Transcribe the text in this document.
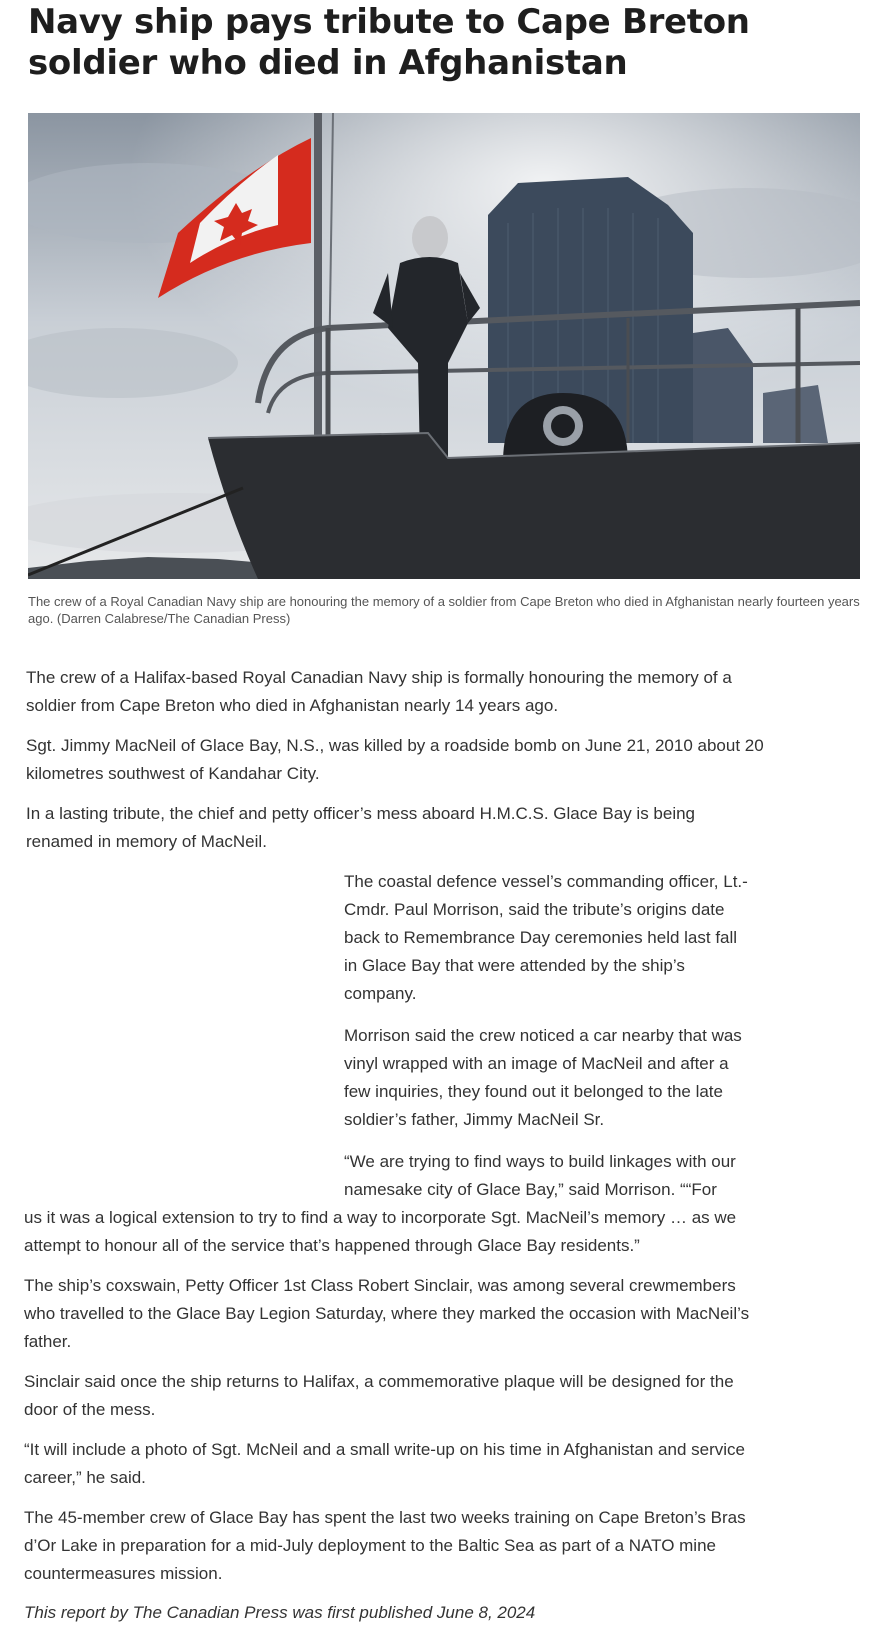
Navy ship pays tribute to Cape Breton soldier who died in Afghanistan

The crew of a Royal Canadian Navy ship are honouring the memory of a soldier from Cape Breton who died in Afghanistan nearly fourteen years ago. (Darren Calabrese/The Canadian Press)

The crew of a Halifax-based Royal Canadian Navy ship is formally honouring the memory of a soldier from Cape Breton who died in Afghanistan nearly 14 years ago.

Sgt. Jimmy MacNeil of Glace Bay, N.S., was killed by a roadside bomb on June 21, 2010 about 20 kilometres southwest of Kandahar City.

In a lasting tribute, the chief and petty officer’s mess aboard H.M.C.S. Glace Bay is being renamed in memory of MacNeil.

The coastal defence vessel’s commanding officer, Lt.-Cmdr. Paul Morrison, said the tribute’s origins date back to Remembrance Day ceremonies held last fall in Glace Bay that were attended by the ship’s company.

Morrison said the crew noticed a car nearby that was vinyl wrapped with an image of MacNeil and after a few inquiries, they found out it belonged to the late soldier’s father, Jimmy MacNeil Sr.

“We are trying to find ways to build linkages with our namesake city of Glace Bay,” said Morrison. ““For

us it was a logical extension to try to find a way to incorporate Sgt. MacNeil’s memory … as we attempt to honour all of the service that’s happened through Glace Bay residents.”

The ship’s coxswain, Petty Officer 1st Class Robert Sinclair, was among several crewmembers who travelled to the Glace Bay Legion Saturday, where they marked the occasion with MacNeil’s father.

Sinclair said once the ship returns to Halifax, a commemorative plaque will be designed for the door of the mess.

“It will include a photo of Sgt. McNeil and a small write-up on his time in Afghanistan and service career,” he said.

The 45-member crew of Glace Bay has spent the last two weeks training on Cape Breton’s Bras d’Or Lake in preparation for a mid-July deployment to the Baltic Sea as part of a NATO mine countermeasures mission.

This report by The Canadian Press was first published June 8, 2024
